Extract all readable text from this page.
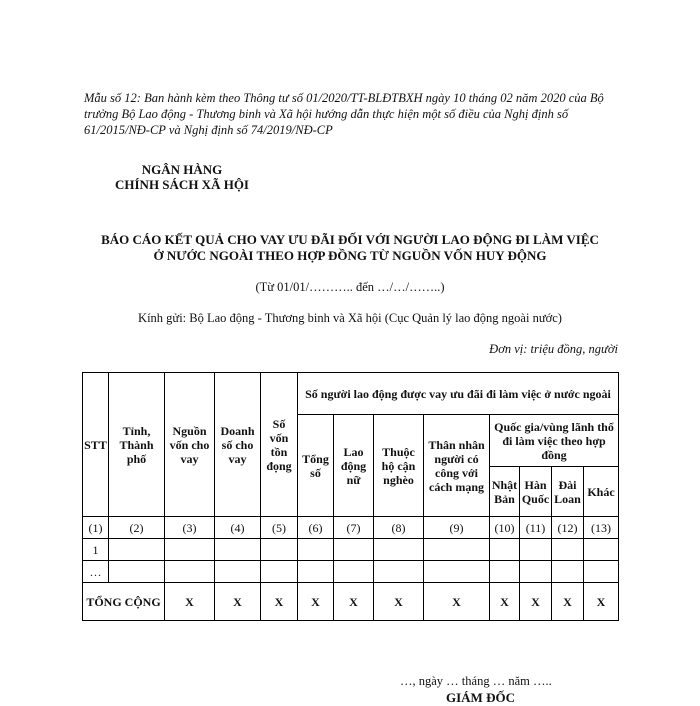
Mẫu số 12: Ban hành kèm theo Thông tư số 01/2020/TT-BLĐTBXH ngày 10 tháng 02 năm 2020 của Bộ trưởng Bộ Lao động - Thương binh và Xã hội hướng dẫn thực hiện một số điều của Nghị định số 61/2015/NĐ-CP và Nghị định số 74/2019/NĐ-CP
NGÂN HÀNG
CHÍNH SÁCH XÃ HỘI
BÁO CÁO KẾT QUẢ CHO VAY ƯU ĐÃI ĐỐI VỚI NGƯỜI LAO ĐỘNG ĐI LÀM VIỆC
Ở NƯỚC NGOÀI THEO HỢP ĐỒNG TỪ NGUỒN VỐN HUY ĐỘNG
(Từ 01/01/……….. đến …/…/……..)
Kính gửi: Bộ Lao động - Thương binh và Xã hội (Cục Quản lý lao động ngoài nước)
Đơn vị: triệu đồng, người
STT	Tỉnh, Thành phố	Nguồn vốn cho vay	Doanh số cho vay	Số vốn tồn đọng	Số người lao động được vay ưu đãi đi làm việc ở nước ngoài							
					Tổng số	Lao động nữ	Thuộc hộ cận nghèo	Thân nhân người có công với cách mạng	Quốc gia/vùng lãnh thổ đi làm việc theo hợp đồng			
									Nhật Bản	Hàn Quốc	Đài Loan	Khác
(1)	(2)	(3)	(4)	(5)	(6)	(7)	(8)	(9)	(10)	(11)	(12)	(13)
1												
…												
TỔNG CỘNG		X	X	X	X	X	X	X	X	X	X	X
…, ngày … tháng … năm …..
GIÁM ĐỐC
